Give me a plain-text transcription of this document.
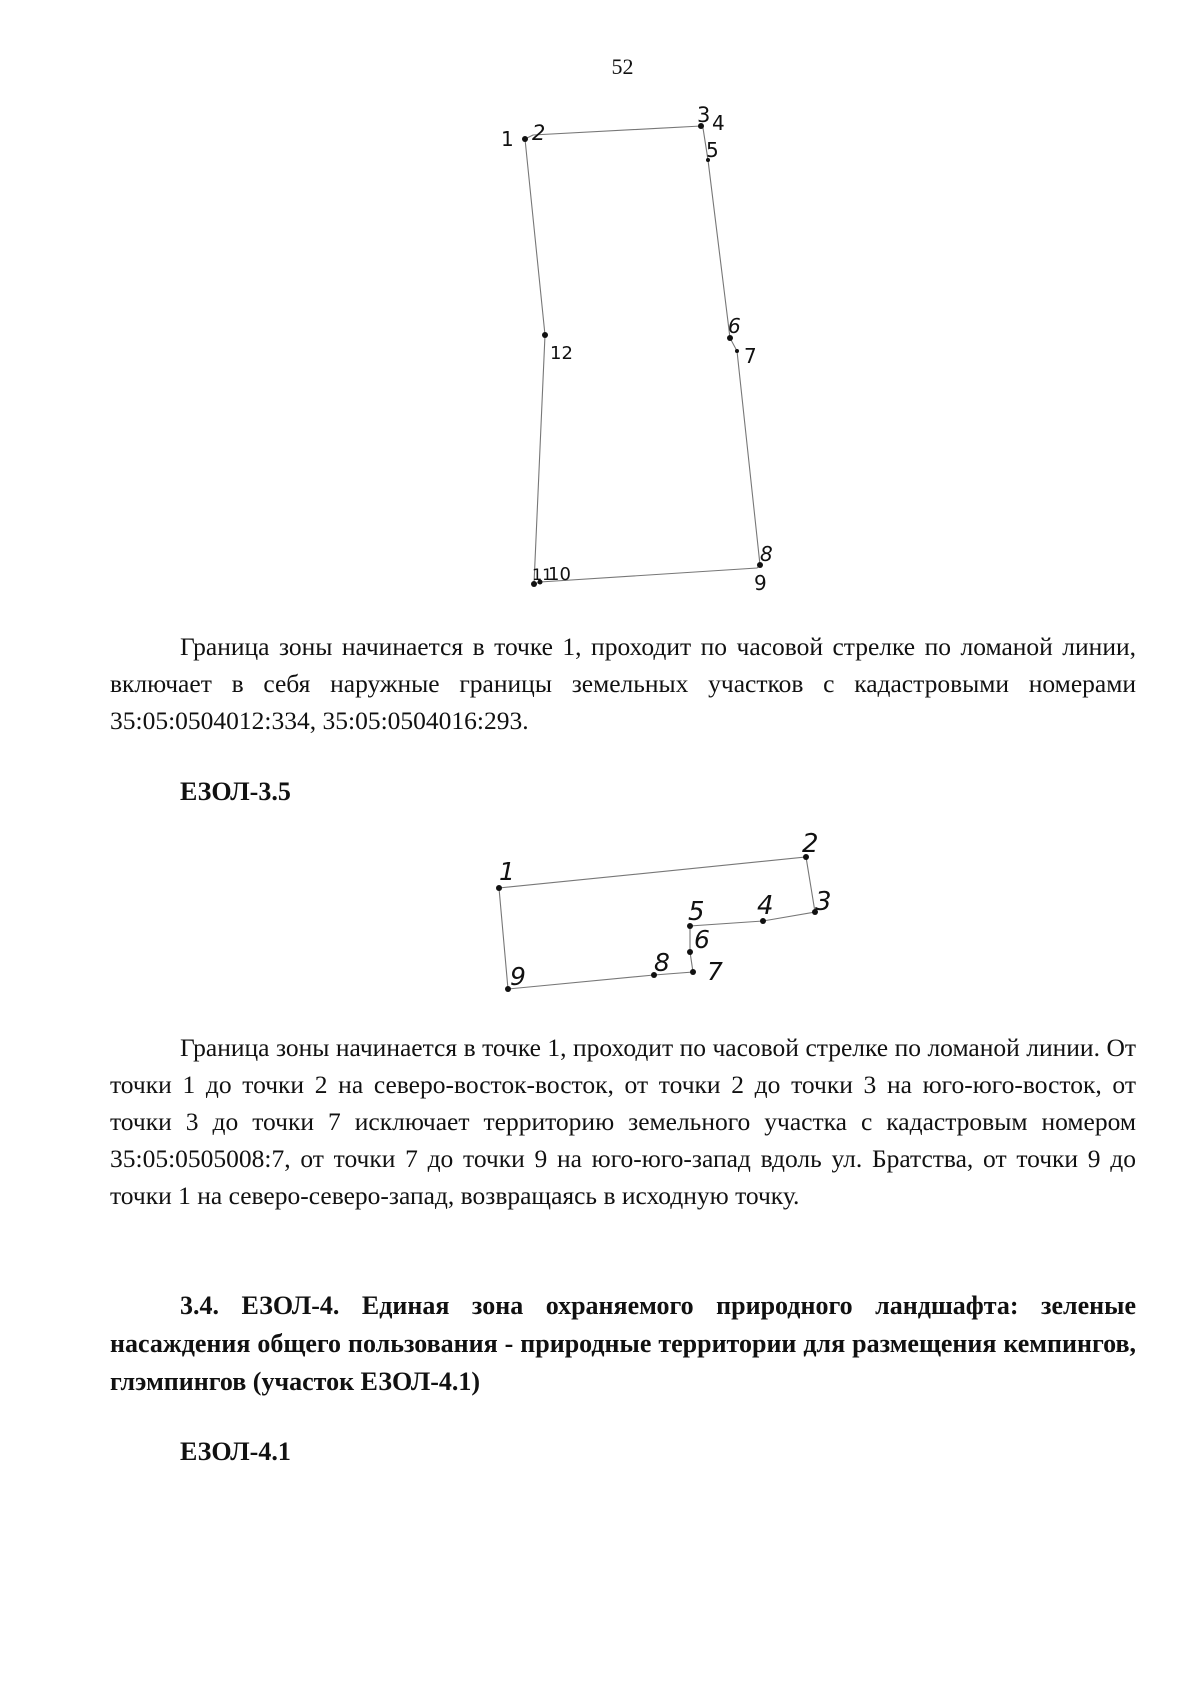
52
1 2
3 4
5
6
7
8
9
11
10
12

Граница зоны начинается в точке 1, проходит по часовой стрелке по ломаной линии, включает в себя наружные границы земельных участков с кадастровыми номерами 35:05:0504012:334, 35:05:0504016:293.

ЕЗОЛ-3.5
1
2
3
4
5
6
7
8
9

Граница зоны начинается в точке 1, проходит по часовой стрелке по ломаной линии. От точки 1 до точки 2 на северо-восток-восток, от точки 2 до точки 3 на юго-юго-восток, от точки 3 до точки 7 исключает территорию земельного участка с кадастровым номером 35:05:0505008:7, от точки 7 до точки 9 на юго-юго-запад вдоль ул. Братства, от точки 9 до точки 1 на северо-северо-запад, возвращаясь в исходную точку.

3.4. ЕЗОЛ-4. Единая зона охраняемого природного ландшафта: зеленые насаждения общего пользования - природные территории для размещения кемпингов, глэмпингов (участок ЕЗОЛ-4.1)

ЕЗОЛ-4.1
